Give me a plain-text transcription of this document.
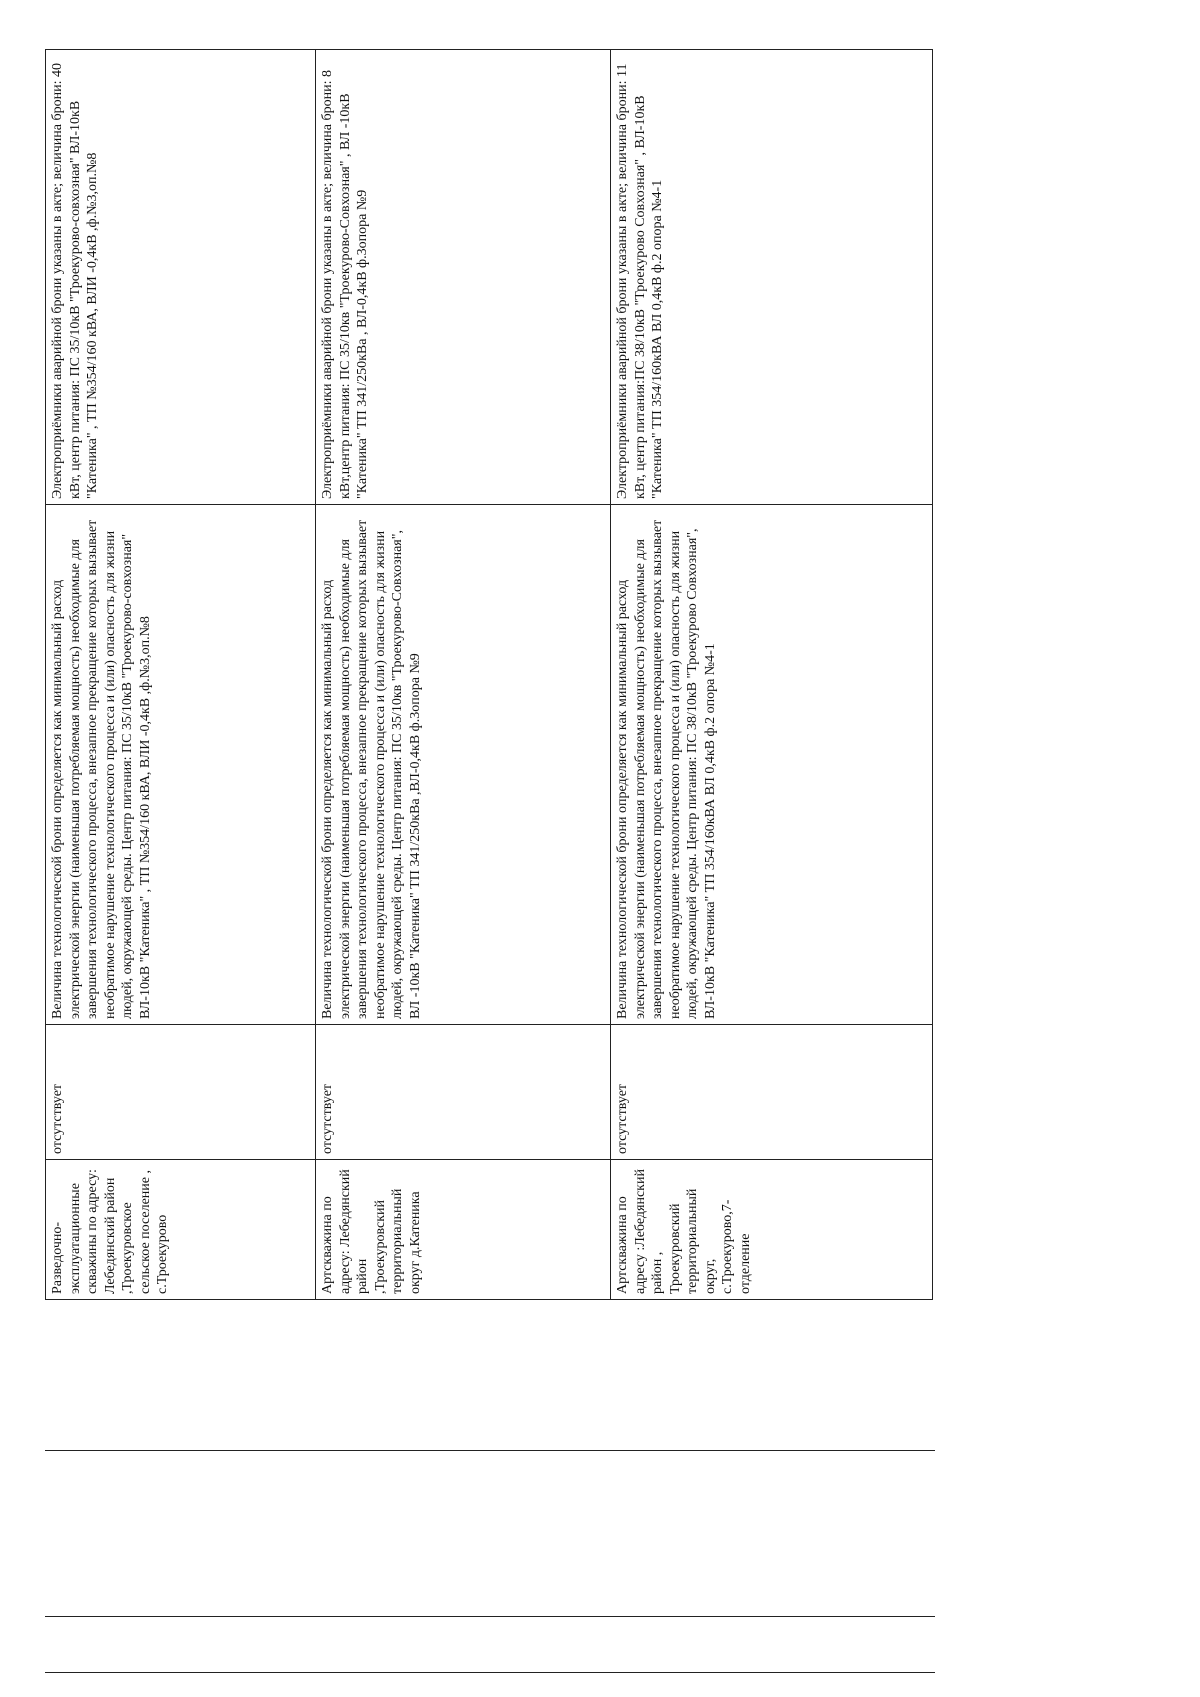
Разведочно-эксплуатационные скважины по адресу: Лебедянский район ,Троекуровское сельское поселение , с.Троекурово	отсутствует	Величина технологической брони определяется как минимальный расход электрической энергии (наименьшая потребляемая мощность) необходимые для завершения технологического процесса, внезапное прекращение которых вызывает необратимое нарушение технологического процесса и (или) опасность для жизни людей, окружающей среды. Центр питания: ПС 35/10кВ "Троекурово-совхозная" ВЛ-10кВ "Катеника" , ТП №354/160 кВА, ВЛИ -0,4кВ ,ф.№3,оп.№8	Электроприёмники аварийной брони указаны в акте; величина брони: 40 кВт, центр питания: ПС 35/10кВ "Троекурово-совхозная" ВЛ-10кВ "Катеника" , ТП №354/160 кВА, ВЛИ -0,4кВ ,ф.№3,оп.№8

Артскважина по адресу: Лебедянский район ,Троекуровский территориальный округ д.Катеника	отсутствует	Величина технологической брони определяется как минимальный расход электрической энергии (наименьшая потребляемая мощность) необходимые для завершения технологического процесса, внезапное прекращение которых вызывает необратимое нарушение технологического процесса и (или) опасность для жизни людей, окружающей среды. Центр питания: ПС 35/10кв "Троекурово-Совхозная", ВЛ -10кВ "Катеника" ТП 341/250кВа ,ВЛ-0,4кВ ф.3опора №9	Электроприёмники аварийной брони указаны в акте; величина брони: 8 кВт,центр питания: ПС 35/10кв "Троекурово-Совхозная" , ВЛ -10кВ "Катеника" ТП 341/250кВа , ВЛ-0,4кВ ф.3опора №9

Артскважина по адресу :Лебедянский район , Троекуровский территориальный округ, с.Троекурово,7-отделение	отсутствует	Величина технологической брони определяется как минимальный расход электрической энергии (наименьшая потребляемая мощность) необходимые для завершения технологического процесса, внезапное прекращение которых вызывает необратимое нарушение технологического процесса и (или) опасность для жизни людей, окружающей среды. Центр питания: ПС 38/10кВ "Троекурово Совхозная", ВЛ-10кВ "Катеника" ТП 354/160кВА ВЛ 0,4кВ ф.2 опора №4-1	Электроприёмники аварийной брони указаны в акте; величина брони: 11 кВт, центр питания:ПС 38/10кВ "Троекурово Совхозная" , ВЛ-10кВ "Катеника" ТП 354/160кВА ВЛ 0,4кВ ф.2 опора №4-1
